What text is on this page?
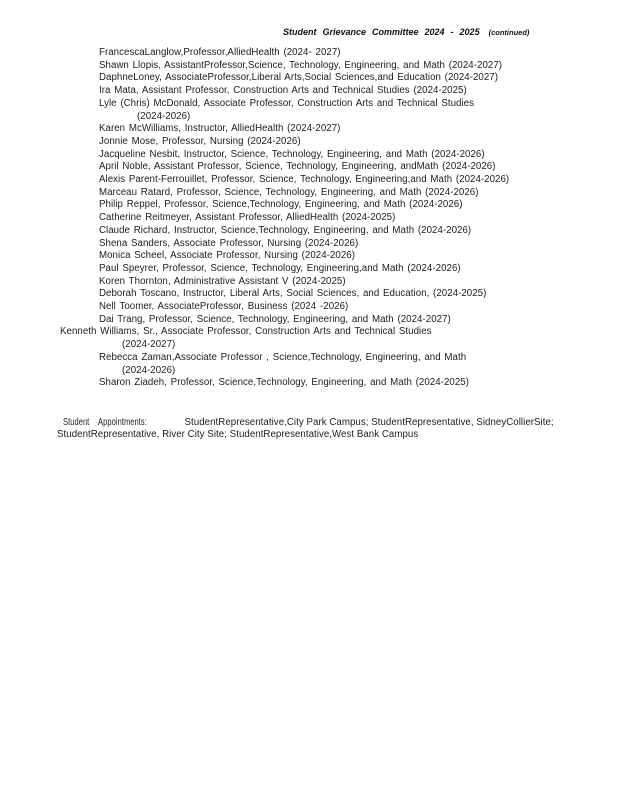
Student Grievance Committee 2024 - 2025 (continued)
FrancescaLanglow,Professor,AlliedHealth (2024- 2027)
Shawn Llopis, AssistantProfessor,Science, Technology, Engineering, and Math (2024-2027)
DaphneLoney, AssociateProfessor,Liberal Arts,Social Sciences,and Education (2024-2027)
Ira Mata, Assistant Professor, Construction Arts and Technical Studies (2024-2025)
Lyle (Chris) McDonald, Associate Professor, Construction Arts and Technical Studies
(2024-2026)
Karen McWilliams, Instructor, AlliedHealth (2024-2027)
Jonnie Mose, Professor, Nursing (2024-2026)
Jacqueline Nesbit, Instructor, Science, Technology, Engineering, and Math (2024-2026)
April Noble, Assistant Professor, Science, Technology, Engineering, andMath (2024-2026)
Alexis Parent-Ferrouillet, Professor, Science, Technology, Engineering,and Math (2024-2026)
Marceau Ratard, Professor, Science, Technology, Engineering, and Math (2024-2026)
Philip Reppel, Professor, Science,Technology, Engineering, and Math (2024-2026)
Catherine Reitmeyer, Assistant Professor, AlliedHealth (2024-2025)
Claude Richard, Instructor, Science,Technology, Engineering, and Math (2024-2026)
Shena Sanders, Associate Professor, Nursing (2024-2026)
Monica Scheel, Associate Professor, Nursing (2024-2026)
Paul Speyrer, Professor, Science, Technology, Engineering,and Math (2024-2026)
Koren Thornton, Administrative Assistant V (2024-2025)
Deborah Toscano, Instructor, Liberal Arts, Social Sciences, and Education, (2024-2025)
Nell Toomer, AssociateProfessor, Business (2024 -2026)
Dai Trang, Professor, Science, Technology, Engineering, and Math (2024-2027)
Kenneth Williams, Sr., Associate Professor, Construction Arts and Technical Studies
(2024-2027)
Rebecca Zaman,Associate Professor , Science,Technology, Engineering, and Math
(2024-2026)
Sharon Ziadeh, Professor, Science,Technology, Engineering, and Math (2024-2025)

Student Appointments:	StudentRepresentative,City Park Campus; StudentRepresentative, SidneyCollierSite; StudentRepresentative, River City Site; StudentRepresentative,West Bank Campus
